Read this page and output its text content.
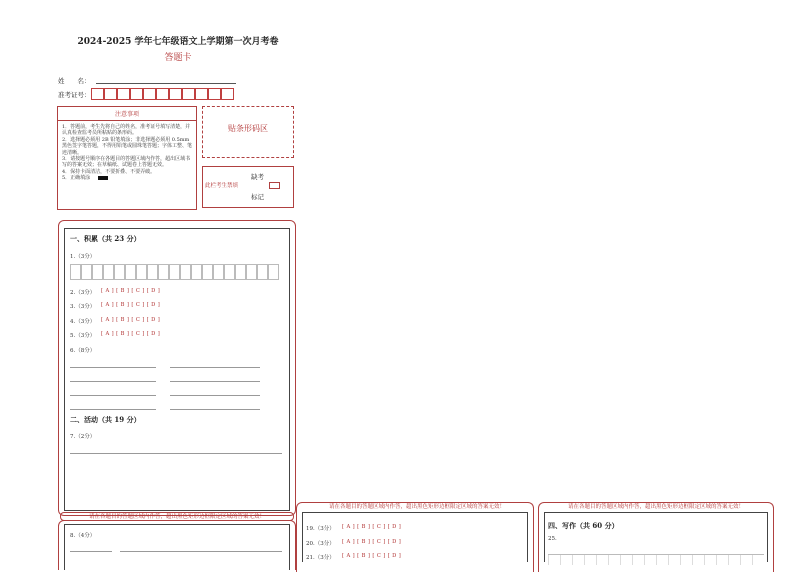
2024-2025 学年七年级语文上学期第一次月考卷
答题卡
姓　　名：
准考证号：
注意事项
1．答题前，考生先将自己的姓名，准考证号填写清楚，并认真检查监考员所粘贴的条形码。
2．选择题必须用 2B 铅笔填涂；非选择题必须用 0.5mm 黑色签字笔答题，不得用铅笔或圆珠笔答题；字体工整、笔迹清晰。
3．请按题号顺序在各题目的答题区域内作答，超出区域书写的答案无效；在草稿纸、试题卷上答题无效。
4．保持卡面清洁，不要折叠、不要弄破。
5．正确填涂
贴条形码区
缺考
此栏考生禁填
标记
一、积累（共 23 分）
1.（3分）
2.（3分） [ A ] [ B ] [ C ] [ D ]
3.（3分） [ A ] [ B ] [ C ] [ D ]
4.（3分） [ A ] [ B ] [ C ] [ D ]
5.（3分） [ A ] [ B ] [ C ] [ D ]
6.（8分）
二、活动（共 19 分）
7.（2分）
请在各题目的答题区域内作答，超出黑色矩形边框限定区域的答案无效！
8.（4分）
请在各题目的答题区域内作答，超出黑色矩形边框限定区域的答案无效！
19.（3分） [ A ] [ B ] [ C ] [ D ]
20.（3分） [ A ] [ B ] [ C ] [ D ]
21.（3分） [ A ] [ B ] [ C ] [ D ]
请在各题目的答题区域内作答，超出黑色矩形边框限定区域的答案无效！
四、写作（共 60 分）
25.
